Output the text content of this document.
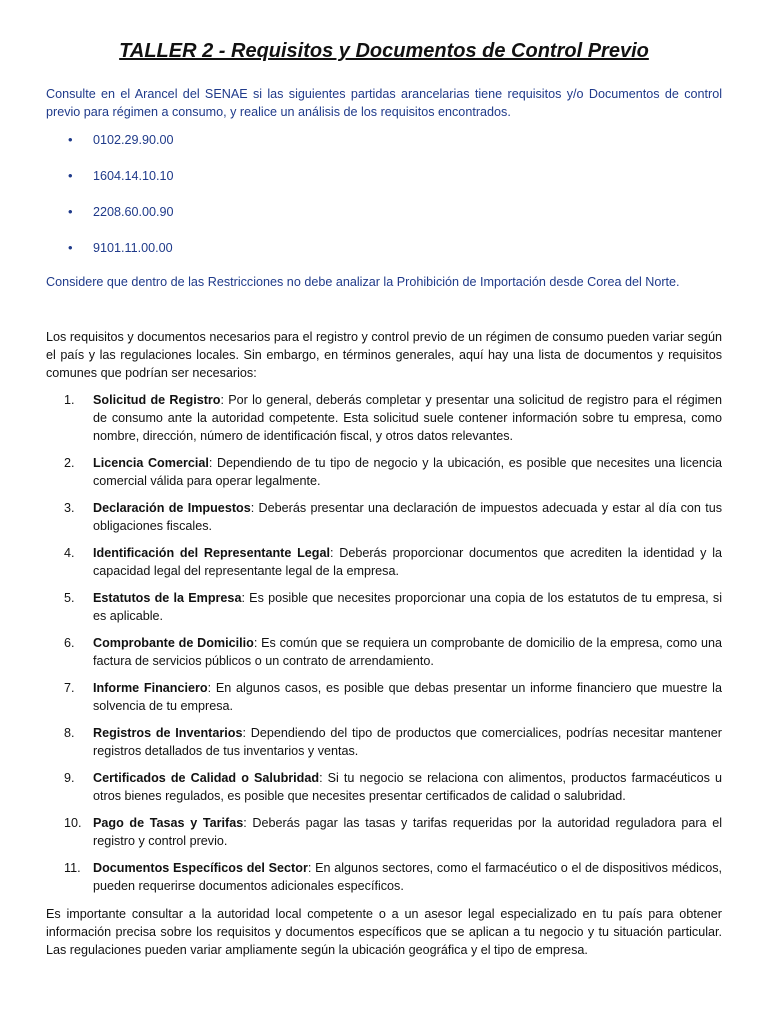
TALLER 2 - Requisitos y Documentos de Control Previo

Consulte en el Arancel del SENAE si las siguientes partidas arancelarias tiene requisitos y/o Documentos de control previo para régimen a consumo, y realice un análisis de los requisitos encontrados.

• 0102.29.90.00
• 1604.14.10.10
• 2208.60.00.90
• 9101.11.00.00

Considere que dentro de las Restricciones no debe analizar la Prohibición de Importación desde Corea del Norte.

Los requisitos y documentos necesarios para el registro y control previo de un régimen de consumo pueden variar según el país y las regulaciones locales. Sin embargo, en términos generales, aquí hay una lista de documentos y requisitos comunes que podrían ser necesarios:

1.	Solicitud de Registro: Por lo general, deberás completar y presentar una solicitud de registro para el régimen de consumo ante la autoridad competente. Esta solicitud suele contener información sobre tu empresa, como nombre, dirección, número de identificación fiscal, y otros datos relevantes.
2.	Licencia Comercial: Dependiendo de tu tipo de negocio y la ubicación, es posible que necesites una licencia comercial válida para operar legalmente.
3.	Declaración de Impuestos: Deberás presentar una declaración de impuestos adecuada y estar al día con tus obligaciones fiscales.
4.	Identificación del Representante Legal: Deberás proporcionar documentos que acrediten la identidad y la capacidad legal del representante legal de la empresa.
5.	Estatutos de la Empresa: Es posible que necesites proporcionar una copia de los estatutos de tu empresa, si es aplicable.
6.	Comprobante de Domicilio: Es común que se requiera un comprobante de domicilio de la empresa, como una factura de servicios públicos o un contrato de arrendamiento.
7.	Informe Financiero: En algunos casos, es posible que debas presentar un informe financiero que muestre la solvencia de tu empresa.
8.	Registros de Inventarios: Dependiendo del tipo de productos que comercialices, podrías necesitar mantener registros detallados de tus inventarios y ventas.
9.	Certificados de Calidad o Salubridad: Si tu negocio se relaciona con alimentos, productos farmacéuticos u otros bienes regulados, es posible que necesites presentar certificados de calidad o salubridad.
10. Pago de Tasas y Tarifas: Deberás pagar las tasas y tarifas requeridas por la autoridad reguladora para el registro y control previo.
11. Documentos Específicos del Sector: En algunos sectores, como el farmacéutico o el de dispositivos médicos, pueden requerirse documentos adicionales específicos.

Es importante consultar a la autoridad local competente o a un asesor legal especializado en tu país para obtener información precisa sobre los requisitos y documentos específicos que se aplican a tu negocio y tu situación particular. Las regulaciones pueden variar ampliamente según la ubicación geográfica y el tipo de empresa.
